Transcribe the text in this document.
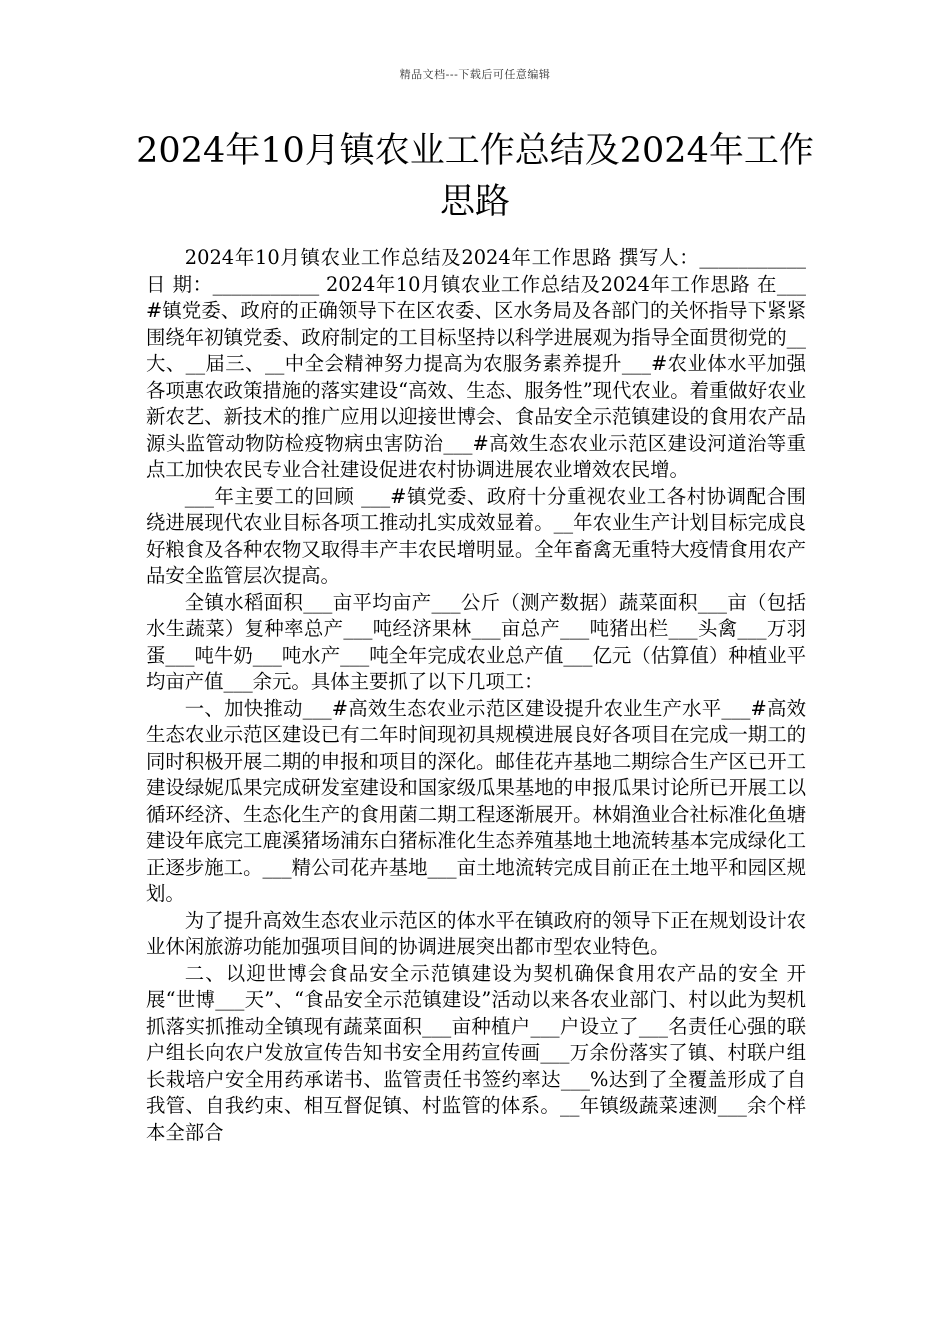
精品文档---下载后可任意编辑
2024年10月镇农业工作总结及2024年工作思路

2024年10月镇农业工作总结及2024年工作思路 撰写人：___________ 日 期：___________ 2024年10月镇农业工作总结及2024年工作思路 在___#镇党委、政府的正确领导下在区农委、区水务局及各部门的关怀指导下紧紧围绕年初镇党委、政府制定的工目标坚持以科学进展观为指导全面贯彻党的__大、__届三、__中全会精神努力提高为农服务素养提升___#农业体水平加强各项惠农政策措施的落实建设“高效、生态、服务性”现代农业。着重做好农业新农艺、新技术的推广应用以迎接世博会、食品安全示范镇建设的食用农产品源头监管动物防检疫物病虫害防治___#高效生态农业示范区建设河道治等重点工加快农民专业合社建设促进农村协调进展农业增效农民增。

___年主要工的回顾 ___#镇党委、政府十分重视农业工各村协调配合围绕进展现代农业目标各项工推动扎实成效显着。__年农业生产计划目标完成良好粮食及各种农物又取得丰产丰农民增明显。全年畜禽无重特大疫情食用农产品安全监管层次提高。

全镇水稻面积___亩平均亩产___公斤（测产数据）蔬菜面积___亩（包括水生蔬菜）复种率总产___吨经济果林___亩总产___吨猪出栏___头禽___万羽蛋___吨牛奶___吨水产___吨全年完成农业总产值___亿元（估算值）种植业平均亩产值___余元。具体主要抓了以下几项工：

一、加快推动___#高效生态农业示范区建设提升农业生产水平___#高效生态农业示范区建设已有二年时间现初具规模进展良好各项目在完成一期工的同时积极开展二期的申报和项目的深化。邮佳花卉基地二期综合生产区已开工建设绿妮瓜果完成研发室建设和国家级瓜果基地的申报瓜果讨论所已开展工以循环经济、生态化生产的食用菌二期工程逐渐展开。林娟渔业合社标准化鱼塘建设年底完工鹿溪猪场浦东白猪标准化生态养殖基地土地流转基本完成绿化工正逐步施工。___精公司花卉基地___亩土地流转完成目前正在土地平和园区规划。

为了提升高效生态农业示范区的体水平在镇政府的领导下正在规划设计农业休闲旅游功能加强项目间的协调进展突出都市型农业特色。

二、以迎世博会食品安全示范镇建设为契机确保食用农产品的安全 开展“世博___天”、“食品安全示范镇建设”活动以来各农业部门、村以此为契机抓落实抓推动全镇现有蔬菜面积___亩种植户___户设立了___名责任心强的联户组长向农户发放宣传告知书安全用药宣传画___万余份落实了镇、村联户组长栽培户安全用药承诺书、监管责任书签约率达___%达到了全覆盖形成了自我管、自我约束、相互督促镇、村监管的体系。__年镇级蔬菜速测___余个样本全部合
